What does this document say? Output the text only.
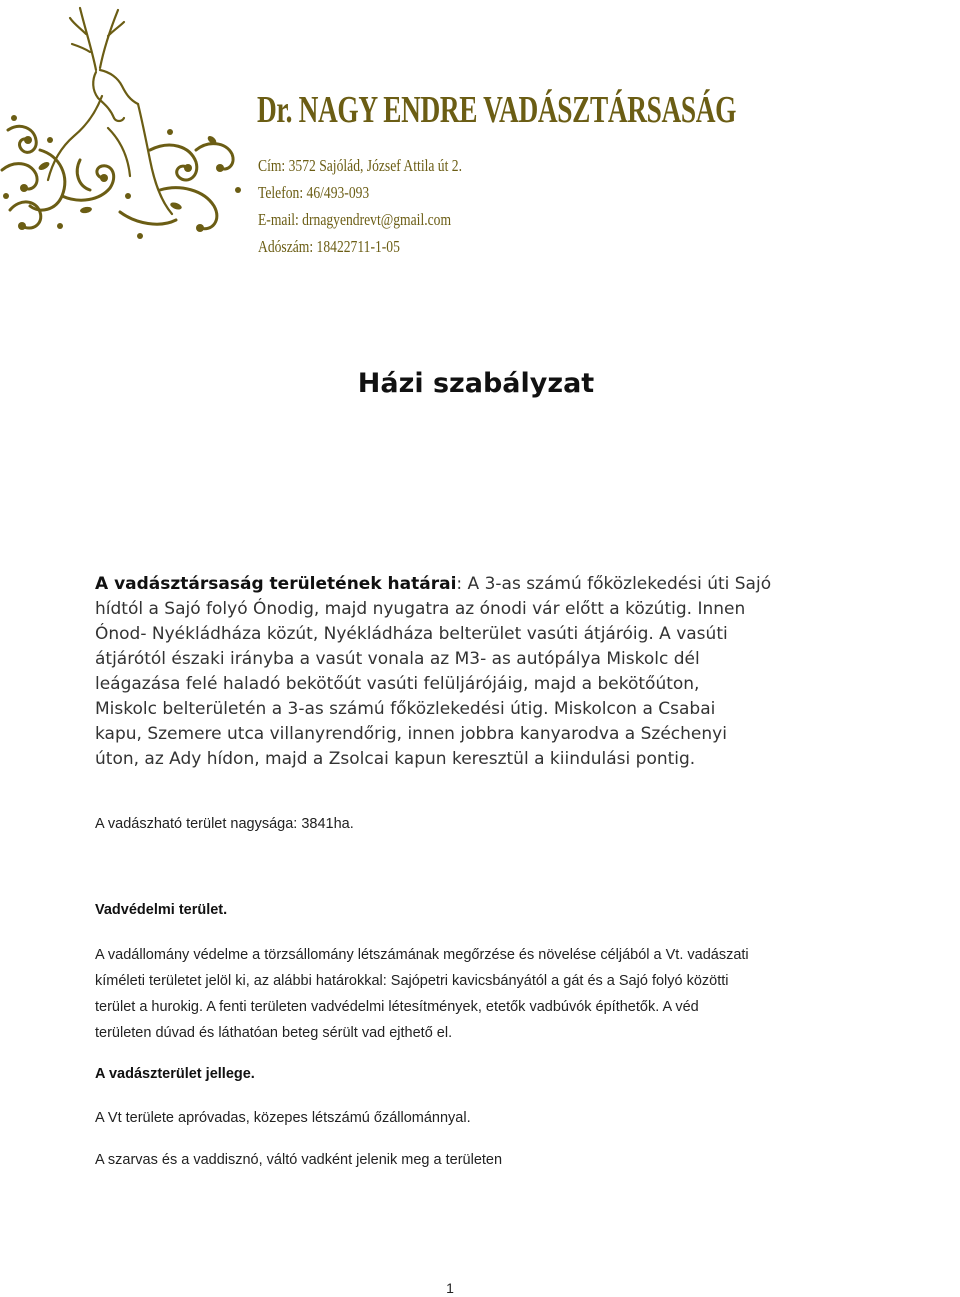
Dr. NAGY ENDRE VADÁSZTÁRSASÁG
Cím: 3572 Sajólád, József Attila út 2.
Telefon: 46/493-093
E-mail: drnagyendrevt@gmail.com
Adószám: 18422711-1-05
Házi szabályzat
A vadásztársaság területének határai: A 3-as számú főközlekedési úti Sajó
hídtól a Sajó folyó Ónodig, majd nyugatra az ónodi vár előtt a közútig. Innen
Ónod- Nyékládháza közút, Nyékládháza belterület vasúti átjáróig. A vasúti
átjárótól északi irányba a vasút vonala az M3- as autópálya Miskolc dél
leágazása felé haladó bekötőút vasúti felüljárójáig, majd a bekötőúton,
Miskolc belterületén a 3-as számú főközlekedési útig. Miskolcon a Csabai
kapu, Szemere utca villanyrendőrig, innen jobbra kanyarodva a Széchenyi
úton, az Ady hídon, majd a Zsolcai kapun keresztül a kiindulási pontig.
A vadászható terület nagysága: 3841ha.
Vadvédelmi terület.
A vadállomány védelme a törzsállomány létszámának megőrzése és növelése céljából a Vt. vadászati
kíméleti területet jelöl ki, az alábbi határokkal: Sajópetri kavicsbányától a gát és a Sajó folyó közötti
terület a hurokig. A fenti területen vadvédelmi létesítmények, etetők vadbúvók építhetők. A véd
területen dúvad és láthatóan beteg sérült vad ejthető el.
A vadászterület jellege.
A Vt területe apróvadas, közepes létszámú őzállománnyal.
A szarvas és a vaddisznó, váltó vadként jelenik meg a területen
1
